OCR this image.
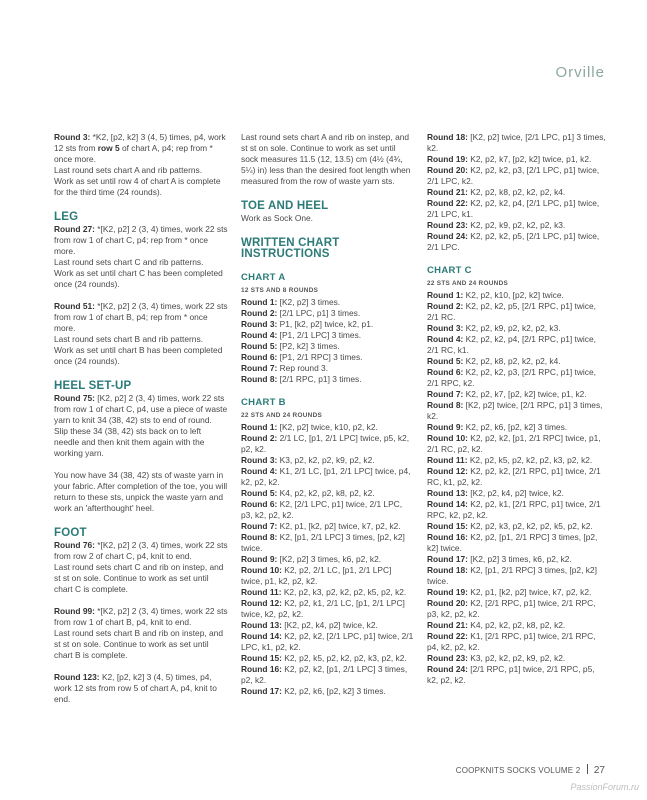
Orville

Round 3: *K2, [p2, k2] 3 (4, 5) times, p4, work 12 sts from row 5 of chart A, p4; rep from * once more.

Last round sets chart A and rib patterns.

Work as set until row 4 of chart A is complete for the third time (24 rounds).

LEG

Round 27: *[K2, p2] 2 (3, 4) times, work 22 sts from row 1 of chart C, p4; rep from * once more.

Last round sets chart C and rib patterns.

Work as set until chart C has been completed once (24 rounds).

Round 51: *[K2, p2] 2 (3, 4) times, work 22 sts from row 1 of chart B, p4; rep from * once more.

Last round sets chart B and rib patterns.

Work as set until chart B has been completed once (24 rounds).

HEEL SET-UP

Round 75: [K2, p2] 2 (3, 4) times, work 22 sts from row 1 of chart C, p4, use a piece of waste yarn to knit 34 (38, 42) sts to end of round. Slip these 34 (38, 42) sts back on to left needle and then knit them again with the working yarn.

You now have 34 (38, 42) sts of waste yarn in your fabric. After completion of the toe, you will return to these sts, unpick the waste yarn and work an 'afterthought' heel.

FOOT

Round 76: *[K2, p2] 2 (3, 4) times, work 22 sts from row 2 of chart C, p4, knit to end.

Last round sets chart C and rib on instep, and st st on sole. Continue to work as set until chart C is complete.

Round 99: *[K2, p2] 2 (3, 4) times, work 22 sts from row 1 of chart B, p4, knit to end.

Last round sets chart B and rib on instep, and st st on sole. Continue to work as set until chart B is complete.

Round 123: K2, [p2, k2] 3 (4, 5) times, p4, work 12 sts from row 5 of chart A, p4, knit to end.

Last round sets chart A and rib on instep, and st st on sole. Continue to work as set until sock measures 11.5 (12, 13.5) cm (4½ (4¾, 5¼) in) less than the desired foot length when measured from the row of waste yarn sts.

TOE AND HEEL

Work as Sock One.

WRITTEN CHART INSTRUCTIONS
CHART A
12 STS AND 8 ROUNDS

Round 1: [K2, p2] 3 times.

Round 2: [2/1 LPC, p1] 3 times.

Round 3: P1, [k2, p2] twice, k2, p1.

Round 4: [P1, 2/1 LPC] 3 times.

Round 5: [P2, k2] 3 times.

Round 6: [P1, 2/1 RPC] 3 times.

Round 7: Rep round 3.

Round 8: [2/1 RPC, p1] 3 times.

CHART B
22 STS AND 24 ROUNDS

Round 1: [K2, p2] twice, k10, p2, k2.

Round 2: 2/1 LC, [p1, 2/1 LPC] twice, p5, k2, p2, k2.

Round 3: K3, p2, k2, p2, k9, p2, k2.

Round 4: K1, 2/1 LC, [p1, 2/1 LPC] twice, p4, k2, p2, k2.

Round 5: K4, p2, k2, p2, k8, p2, k2.

Round 6: K2, [2/1 LPC, p1] twice, 2/1 LPC, p3, k2, p2, k2.

Round 7: K2, p1, [k2, p2] twice, k7, p2, k2.

Round 8: K2, [p1, 2/1 LPC] 3 times, [p2, k2] twice.

Round 9: [K2, p2] 3 times, k6, p2, k2.

Round 10: K2, p2, 2/1 LC, [p1, 2/1 LPC] twice, p1, k2, p2, k2.

Round 11: K2, p2, k3, p2, k2, p2, k5, p2, k2.

Round 12: K2, p2, k1, 2/1 LC, [p1, 2/1 LPC] twice, k2, p2, k2.

Round 13: [K2, p2, k4, p2] twice, k2.

Round 14: K2, p2, k2, [2/1 LPC, p1] twice, 2/1 LPC, k1, p2, k2.

Round 15: K2, p2, k5, p2, k2, p2, k3, p2, k2.

Round 16: K2, p2, k2, [p1, 2/1 LPC] 3 times, p2, k2.

Round 17: K2, p2, k6, [p2, k2] 3 times.

Round 18: [K2, p2] twice, [2/1 LPC, p1] 3 times, k2.

Round 19: K2, p2, k7, [p2, k2] twice, p1, k2.

Round 20: K2, p2, k2, p3, [2/1 LPC, p1] twice, 2/1 LPC, k2.

Round 21: K2, p2, k8, p2, k2, p2, k4.

Round 22: K2, p2, k2, p4, [2/1 LPC, p1] twice, 2/1 LPC, k1.

Round 23: K2, p2, k9, p2, k2, p2, k3.

Round 24: K2, p2, k2, p5, [2/1 LPC, p1] twice, 2/1 LPC.

CHART C
22 STS AND 24 ROUNDS

Round 1: K2, p2, k10, [p2, k2] twice.

Round 2: K2, p2, k2, p5, [2/1 RPC, p1] twice, 2/1 RC.

Round 3: K2, p2, k9, p2, k2, p2, k3.

Round 4: K2, p2, k2, p4, [2/1 RPC, p1] twice, 2/1 RC, k1.

Round 5: K2, p2, k8, p2, k2, p2, k4.

Round 6: K2, p2, k2, p3, [2/1 RPC, p1] twice, 2/1 RPC, k2.

Round 7: K2, p2, k7, [p2, k2] twice, p1, k2.

Round 8: [K2, p2] twice, [2/1 RPC, p1] 3 times, k2.

Round 9: K2, p2, k6, [p2, k2] 3 times.

Round 10: K2, p2, k2, [p1, 2/1 RPC] twice, p1, 2/1 RC, p2, k2.

Round 11: K2, p2, k5, p2, k2, p2, k3, p2, k2.

Round 12: K2, p2, k2, [2/1 RPC, p1] twice, 2/1 RC, k1, p2, k2.

Round 13: [K2, p2, k4, p2] twice, k2.

Round 14: K2, p2, k1, [2/1 RPC, p1] twice, 2/1 RPC, k2, p2, k2.

Round 15: K2, p2, k3, p2, k2, p2, k5, p2, k2.

Round 16: K2, p2, [p1, 2/1 RPC] 3 times, [p2, k2] twice.

Round 17: [K2, p2] 3 times, k6, p2, k2.

Round 18: K2, [p1, 2/1 RPC] 3 times, [p2, k2] twice.

Round 19: K2, p1, [k2, p2] twice, k7, p2, k2.

Round 20: K2, [2/1 RPC, p1] twice, 2/1 RPC, p3, k2, p2, k2.

Round 21: K4, p2, k2, p2, k8, p2, k2.

Round 22: K1, [2/1 RPC, p1] twice, 2/1 RPC, p4, k2, p2, k2.

Round 23: K3, p2, k2, p2, k9, p2, k2.

Round 24: [2/1 RPC, p1] twice, 2/1 RPC, p5, k2, p2, k2.

COOPKNITS SOCKS VOLUME 2 27
PassionForum.ru
